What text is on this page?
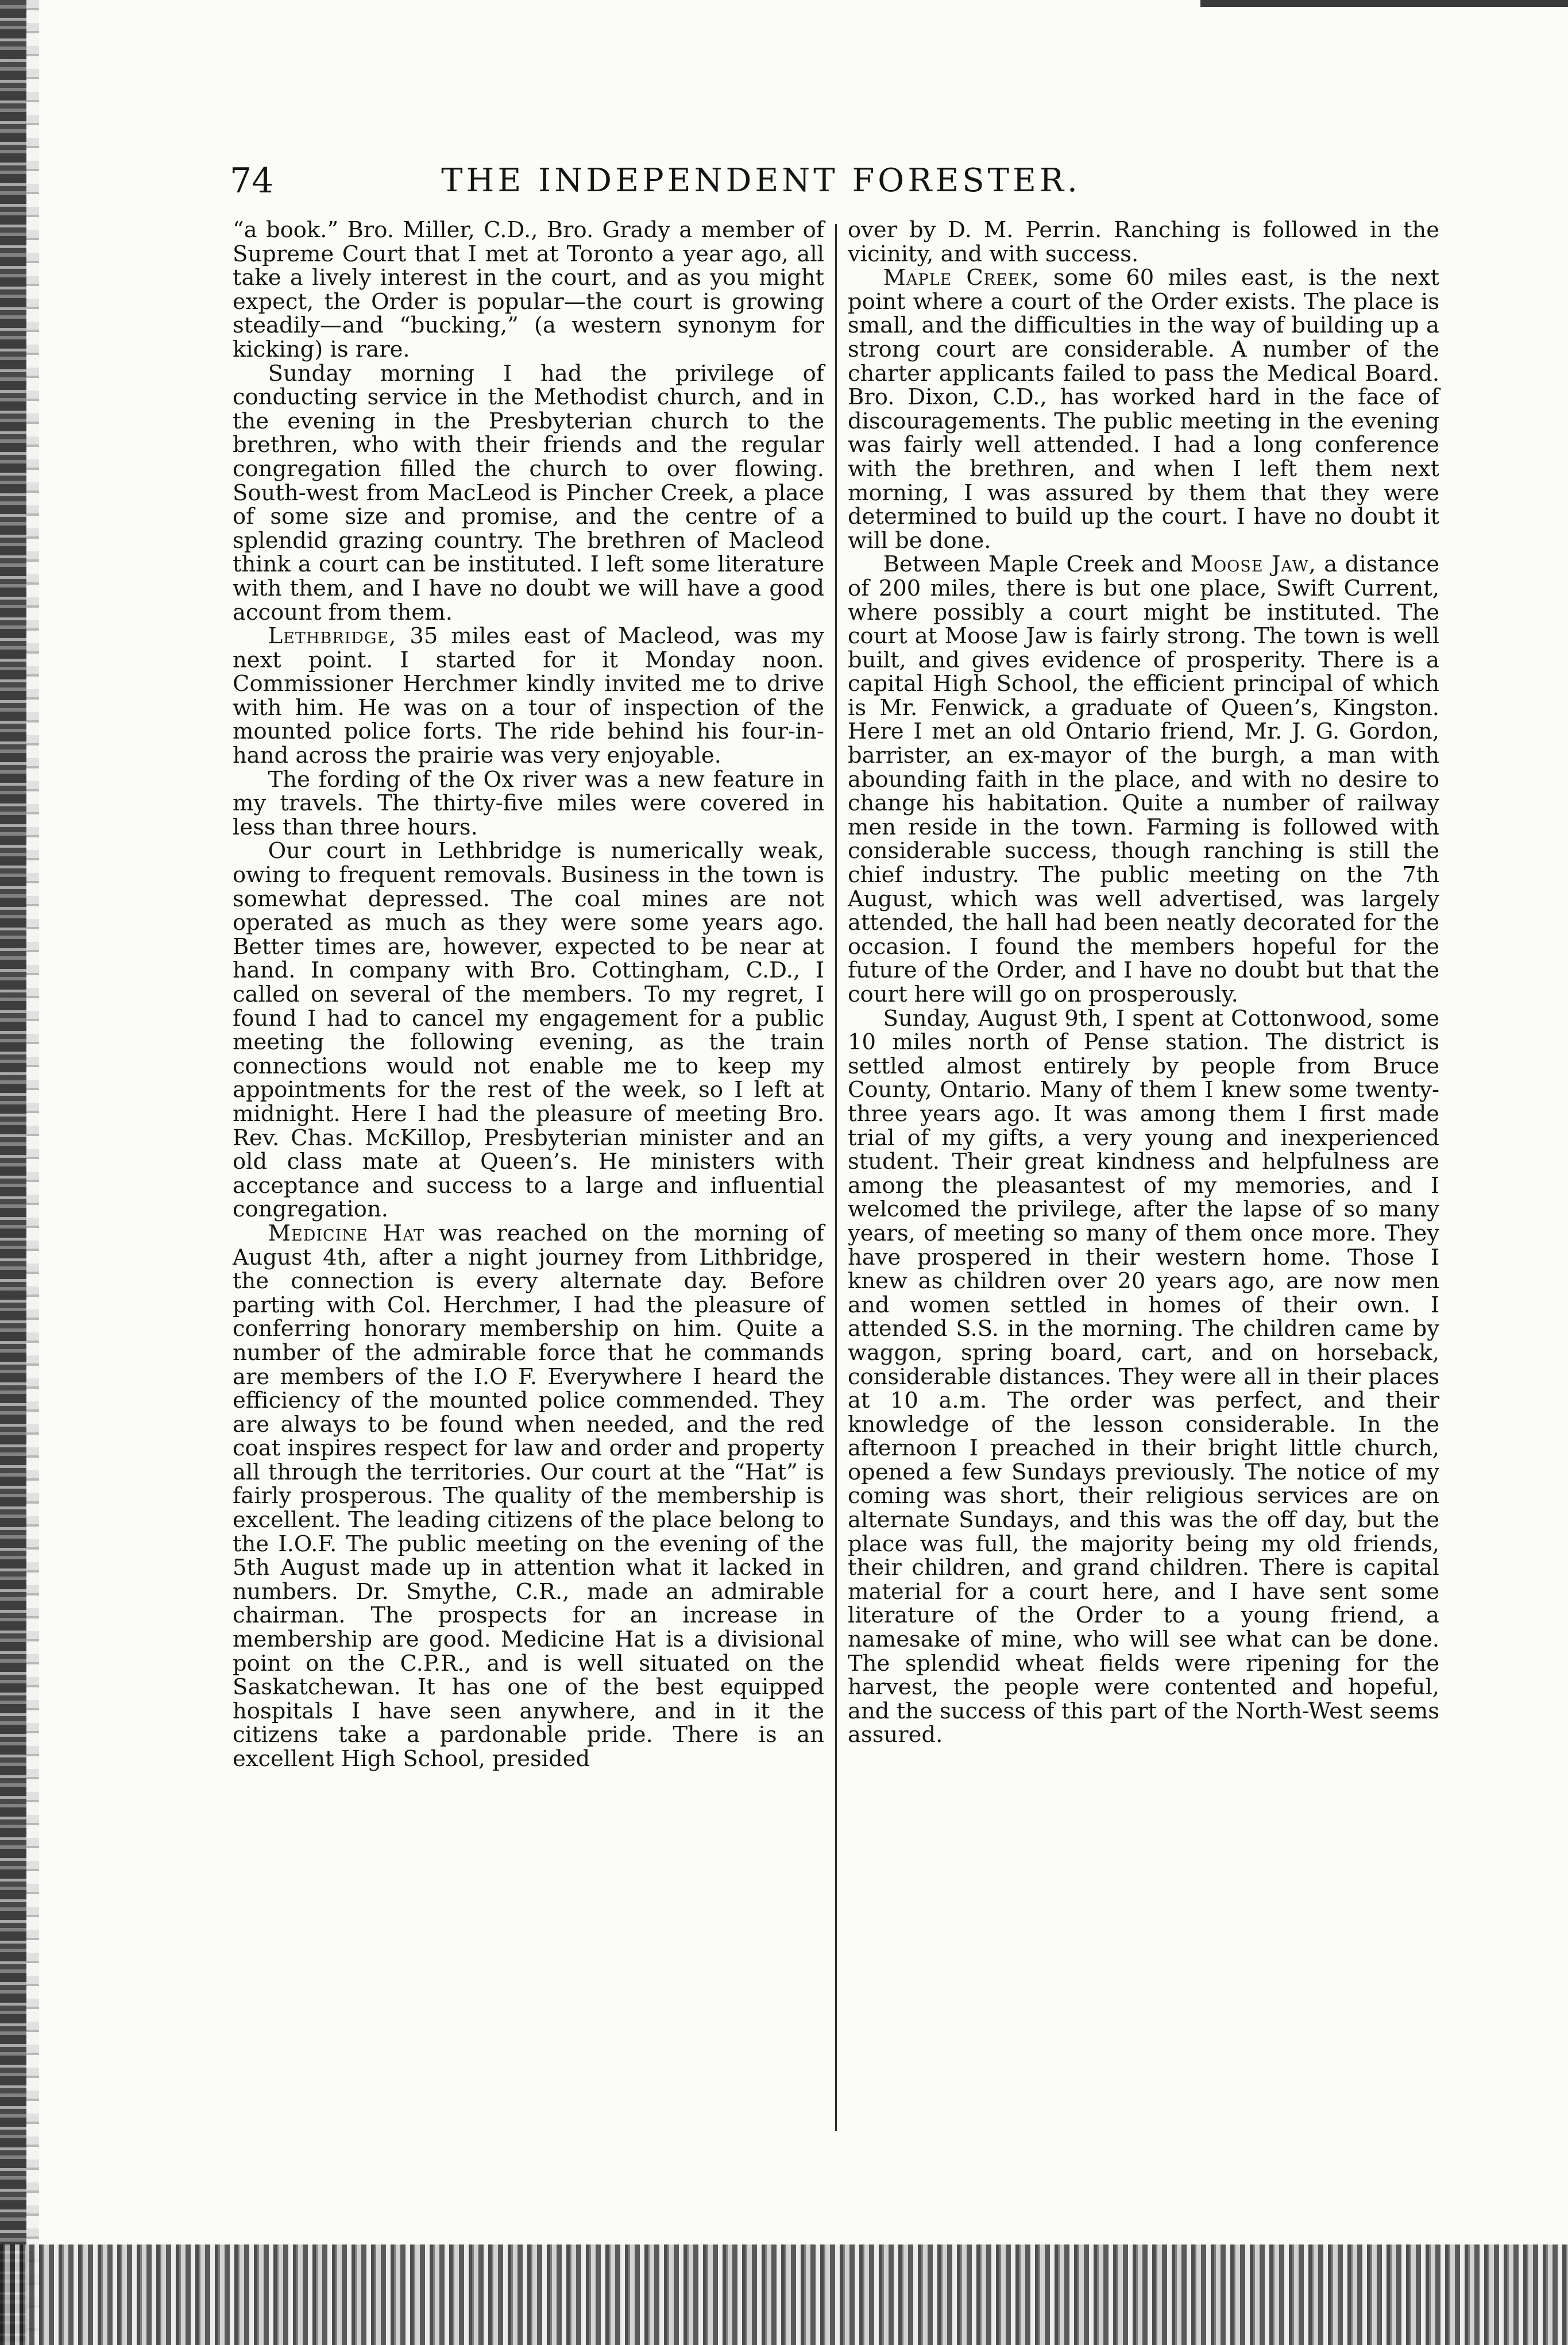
74	THE INDEPENDENT FORESTER.

“a book.” Bro. Miller, C.D., Bro. Grady a member of Supreme Court that I met at Toronto a year ago, all take a lively interest in the court, and as you might expect, the Order is popular—the court is growing steadily—and “bucking,” (a western synonym for kicking) is rare.

Sunday morning I had the privilege of conducting service in the Methodist church, and in the evening in the Presbyterian church to the brethren, who with their friends and the regular congregation filled the church to over flowing. South-west from MacLeod is Pincher Creek, a place of some size and promise, and the centre of a splendid grazing country. The brethren of Macleod think a court can be instituted. I left some literature with them, and I have no doubt we will have a good account from them.

Lethbridge, 35 miles east of Macleod, was my next point. I started for it Monday noon. Commissioner Herchmer kindly invited me to drive with him. He was on a tour of inspection of the mounted police forts. The ride behind his four-in-hand across the prairie was very enjoyable.

The fording of the Ox river was a new feature in my travels. The thirty-five miles were covered in less than three hours.

Our court in Lethbridge is numerically weak, owing to frequent removals. Business in the town is somewhat depressed. The coal mines are not operated as much as they were some years ago. Better times are, however, expected to be near at hand. In company with Bro. Cottingham, C.D., I called on several of the members. To my regret, I found I had to cancel my engagement for a public meeting the following evening, as the train connections would not enable me to keep my appointments for the rest of the week, so I left at midnight. Here I had the pleasure of meeting Bro. Rev. Chas. McKillop, Presbyterian minister and an old class mate at Queen’s. He ministers with acceptance and success to a large and influential congregation.

Medicine Hat was reached on the morning of August 4th, after a night journey from Lithbridge, the connection is every alternate day. Before parting with Col. Herchmer, I had the pleasure of conferring honorary membership on him. Quite a number of the admirable force that he commands are members of the I.O F. Everywhere I heard the efficiency of the mounted police commended. They are always to be found when needed, and the red coat inspires respect for law and order and property all through the territories. Our court at the “Hat” is fairly prosperous. The quality of the membership is excellent. The leading citizens of the place belong to the I.O.F. The public meeting on the evening of the 5th August made up in attention what it lacked in numbers. Dr. Smythe, C.R., made an admirable chairman. The prospects for an increase in membership are good. Medicine Hat is a divisional point on the C.P.R., and is well situated on the Saskatchewan. It has one of the best equipped hospitals I have seen anywhere, and in it the citizens take a pardonable pride. There is an excellent High School, presided

over by D. M. Perrin. Ranching is followed in the vicinity, and with success.

Maple Creek, some 60 miles east, is the next point where a court of the Order exists. The place is small, and the difficulties in the way of building up a strong court are considerable. A number of the charter applicants failed to pass the Medical Board. Bro. Dixon, C.D., has worked hard in the face of discouragements. The public meeting in the evening was fairly well attended. I had a long conference with the brethren, and when I left them next morning, I was assured by them that they were determined to build up the court. I have no doubt it will be done.

Between Maple Creek and Moose Jaw, a distance of 200 miles, there is but one place, Swift Current, where possibly a court might be instituted. The court at Moose Jaw is fairly strong. The town is well built, and gives evidence of prosperity. There is a capital High School, the efficient principal of which is Mr. Fenwick, a graduate of Queen’s, Kingston. Here I met an old Ontario friend, Mr. J. G. Gordon, barrister, an ex-mayor of the burgh, a man with abounding faith in the place, and with no desire to change his habitation. Quite a number of railway men reside in the town. Farming is followed with considerable success, though ranching is still the chief industry. The public meeting on the 7th August, which was well advertised, was largely attended, the hall had been neatly decorated for the occasion. I found the members hopeful for the future of the Order, and I have no doubt but that the court here will go on prosperously.

Sunday, August 9th, I spent at Cottonwood, some 10 miles north of Pense station. The district is settled almost entirely by people from Bruce County, Ontario. Many of them I knew some twenty-three years ago. It was among them I first made trial of my gifts, a very young and inexperienced student. Their great kindness and helpfulness are among the pleasantest of my memories, and I welcomed the privilege, after the lapse of so many years, of meeting so many of them once more. They have prospered in their western home. Those I knew as children over 20 years ago, are now men and women settled in homes of their own. I attended S.S. in the morning. The children came by waggon, spring board, cart, and on horseback, considerable distances. They were all in their places at 10 a.m. The order was perfect, and their knowledge of the lesson considerable. In the afternoon I preached in their bright little church, opened a few Sundays previously. The notice of my coming was short, their religious services are on alternate Sundays, and this was the off day, but the place was full, the majority being my old friends, their children, and grand children. There is capital material for a court here, and I have sent some literature of the Order to a young friend, a namesake of mine, who will see what can be done. The splendid wheat fields were ripening for the harvest, the people were contented and hopeful, and the success of this part of the North-West seems assured.
